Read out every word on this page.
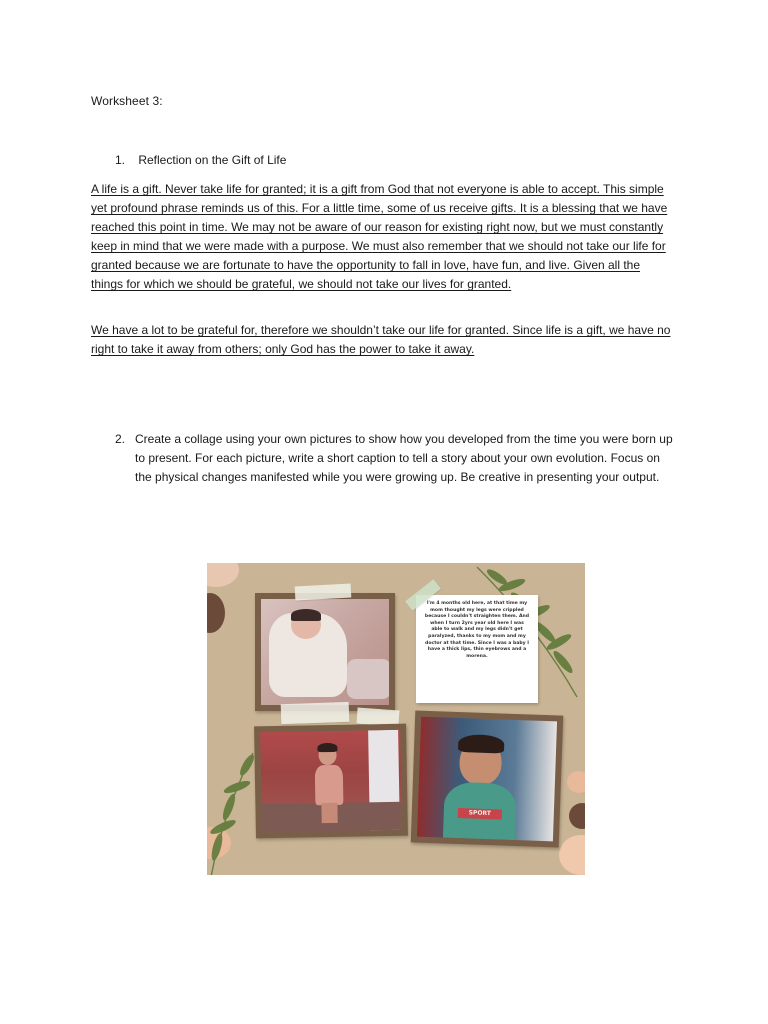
Worksheet 3:
1. Reflection on the Gift of Life
A life is a gift. Never take life for granted; it is a gift from God that not everyone is able to accept. This simple yet profound phrase reminds us of this. For a little time, some of us receive gifts. It is a blessing that we have reached this point in time. We may not be aware of our reason for existing right now, but we must constantly keep in mind that we were made with a purpose. We must also remember that we should not take our life for granted because we are fortunate to have the opportunity to fall in love, have fun, and live. Given all the things for which we should be grateful, we should not take our lives for granted.
We have a lot to be grateful for, therefore we shouldn’t take our life for granted. Since life is a gift, we have no right to take it away from others; only God has the power to take it away.
2. Create a collage using your own pictures to show how you developed from the time you were born up to present. For each picture, write a short caption to tell a story about your own evolution. Focus on the physical changes manifested while you were growing up. Be creative in presenting your output.
I'm 4 months old here, at that time my mom thought my legs were crippled because I couldn't straighten them. And when I turn 2yrs year old here I was able to walk and my legs didn't get paralyzed, thanks to my mom and my doctor at that time. Since I was a baby I have a thick lips, thin eyebrows and a morena.
SPORT
